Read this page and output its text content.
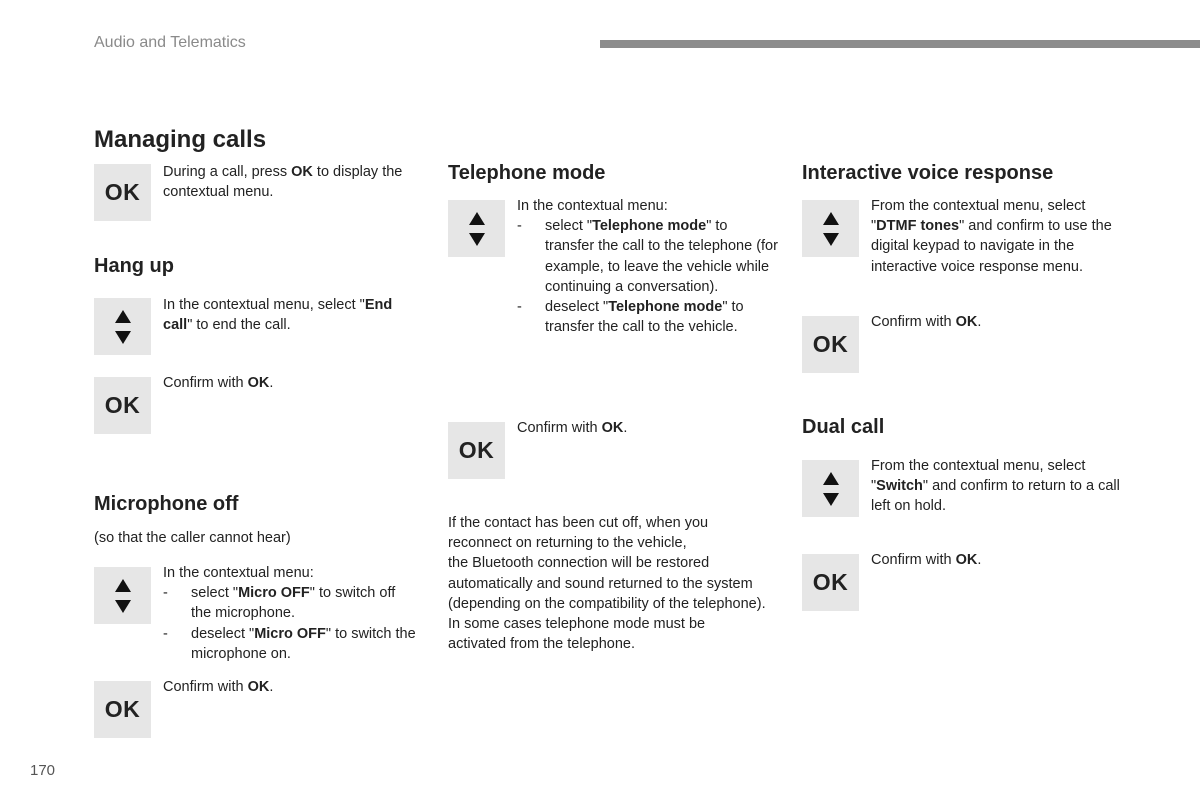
Audio and Telematics
Managing calls
OK

During a call, press OK to display the contextual menu.

Hang up

In the contextual menu, select "End call" to end the call.

OK

Confirm with OK.

Microphone off

(so that the caller cannot hear)

In the contextual menu:

- select "Micro OFF" to switch off the microphone.
- deselect "Micro OFF" to switch the microphone on.
OK

Confirm with OK.

Telephone mode

In the contextual menu:

- select "Telephone mode" to transfer the call to the telephone (for example, to leave the vehicle while continuing a conversation).
- deselect "Telephone mode" to transfer the call to the vehicle.
OK

Confirm with OK.

If the contact has been cut off, when you reconnect on returning to the vehicle,

the Bluetooth connection will be restored automatically and sound returned to the system (depending on the compatibility of the telephone).

In some cases telephone mode must be activated from the telephone.

Interactive voice response

From the contextual menu, select "DTMF tones" and confirm to use the digital keypad to navigate in the interactive voice response menu.

OK

Confirm with OK.

Dual call

From the contextual menu, select "Switch" and confirm to return to a call left on hold.

OK

Confirm with OK.

170
